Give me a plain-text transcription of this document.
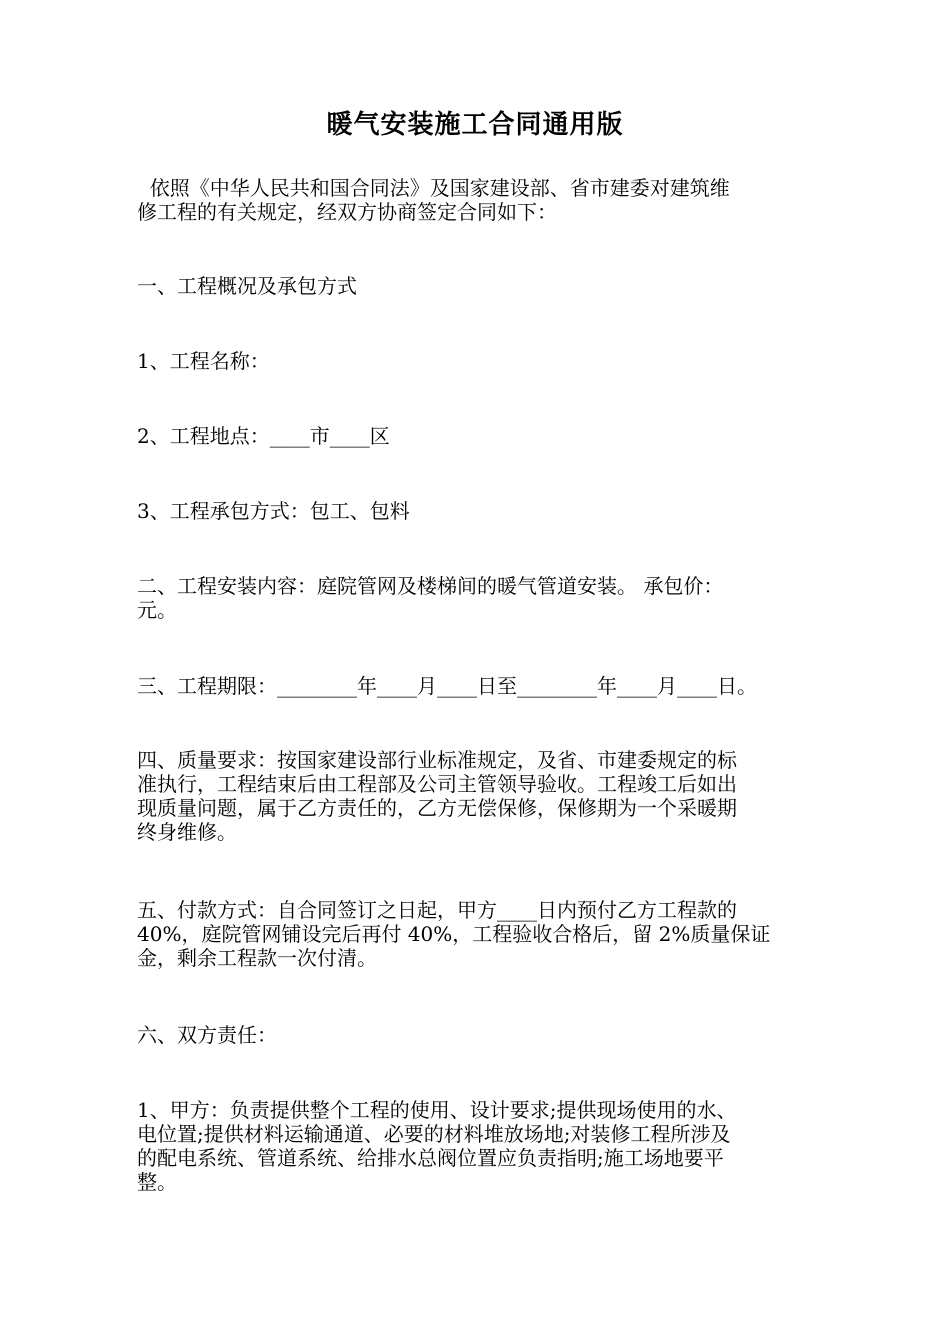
暖气安装施工合同通用版
依照《中华人民共和国合同法》及国家建设部、省市建委对建筑维
修工程的有关规定，经双方协商签定合同如下：
一、工程概况及承包方式
1、工程名称：
2、工程地点：____市____区
3、工程承包方式：包工、包料
二、工程安装内容：庭院管网及楼梯间的暖气管道安装。 承包价：
元。
三、工程期限：________年____月____日至________年____月____日。
四、质量要求：按国家建设部行业标准规定，及省、市建委规定的标
准执行，工程结束后由工程部及公司主管领导验收。工程竣工后如出
现质量问题，属于乙方责任的，乙方无偿保修，保修期为一个采暖期
终身维修。
五、付款方式：自合同签订之日起，甲方____日内预付乙方工程款的
40%，庭院管网铺设完后再付 40%，工程验收合格后，留 2%质量保证
金，剩余工程款一次付清。
六、双方责任：
1、甲方：负责提供整个工程的使用、设计要求;提供现场使用的水、
电位置;提供材料运输通道、必要的材料堆放场地;对装修工程所涉及
的配电系统、管道系统、给排水总阀位置应负责指明;施工场地要平
整。
